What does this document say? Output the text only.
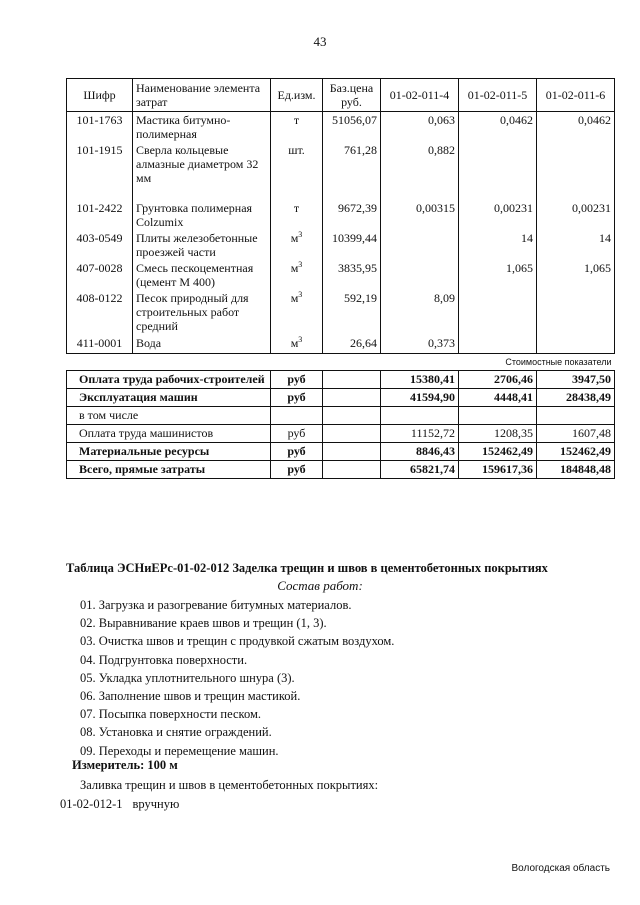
43
Шифр	Наименование элемента затрат	Ед.изм.	Баз.цена руб.	01-02-011-4	01-02-011-5	01-02-011-6
101-1763	Мастика битумно-полимерная	т	51056,07	0,063	0,0462	0,0462
101-1915	Сверла кольцевые алмазные диаметром 32 мм	шт.	761,28	0,882		
101-2422	Грунтовка полимерная Colzumix	т	9672,39	0,00315	0,00231	0,00231
403-0549	Плиты железобетонные проезжей части	$м^3$	10399,44		14	14
407-0028	Смесь пескоцементная (цемент М 400)	$м^3$	3835,95		1,065	1,065
408-0122	Песок природный для строительных работ средний	$м^3$	592,19	8,09		
411-0001	Вода	$м^3$	26,64	0,373		
Стоимостные показатели						
Оплата труда рабочих-строителей		руб		15380,41	2706,46	3947,50
Эксплуатация машин		руб		41594,90	4448,41	28438,49
в том числе						
Оплата труда машинистов		руб		11152,72	1208,35	1607,48
Материальные ресурсы		руб		8846,43	152462,49	152462,49
Всего, прямые затраты		руб		65821,74	159617,36	184848,48
Таблица ЭСНиЕРс-01-02-012 Заделка трещин и швов в цементобетонных покрытиях
Состав работ:
01. Загрузка и разогревание битумных материалов.
02. Выравнивание краев швов и трещин (1, 3).
03. Очистка швов и трещин с продувкой сжатым воздухом.
04. Подгрунтовка поверхности.
05. Укладка уплотнительного шнура (3).
06. Заполнение швов и трещин мастикой.
07. Посыпка поверхности песком.
08. Установка и снятие ограждений.
09. Переходы и перемещение машин.
Измеритель: 100 м
Заливка трещин и швов в цементобетонных покрытиях:
01-02-012-1 вручную
Вологодская область
